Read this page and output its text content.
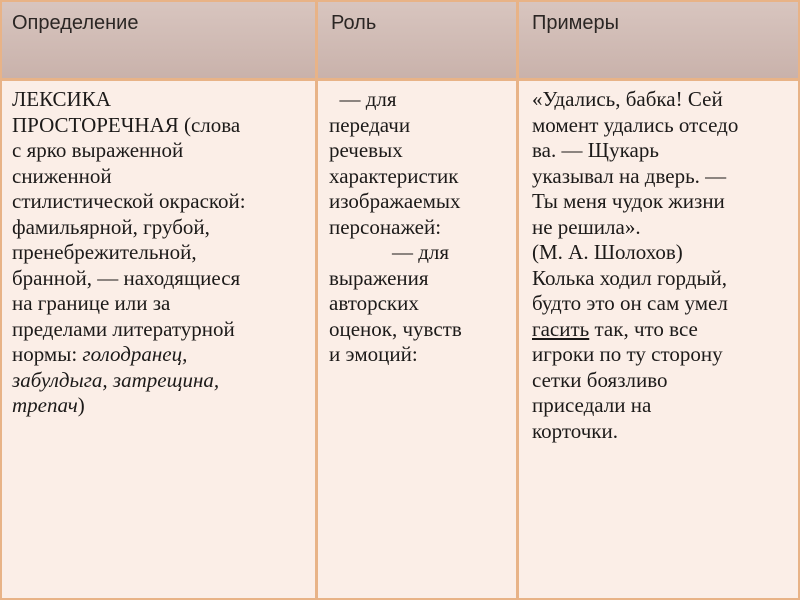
Определение	Роль	Примеры
ЛЕКСИКА
ПРОСТОРЕЧНАЯ (слова
с ярко выраженной
сниженной
стилистической окраской:
фамильярной, грубой,
пренебрежительной,
бранной, — находящиеся
на границе или за
пределами литературной
нормы: голодранец,
забулдыга, затрещина,
трепач)
— для
передачи
речевых
характеристик
изображаемых
персонажей:
— для
выражения
авторских
оценок, чувств
и эмоций:
«Удались, бабка! Сей
момент удались отседо
ва. — Щукарь
указывал на дверь. —
Ты меня чудок жизни
не решила».
(М. А. Шолохов)
Колька ходил гордый,
будто это он сам умел
гасить так, что все
игроки по ту сторону
сетки боязливо
приседали на
корточки.
